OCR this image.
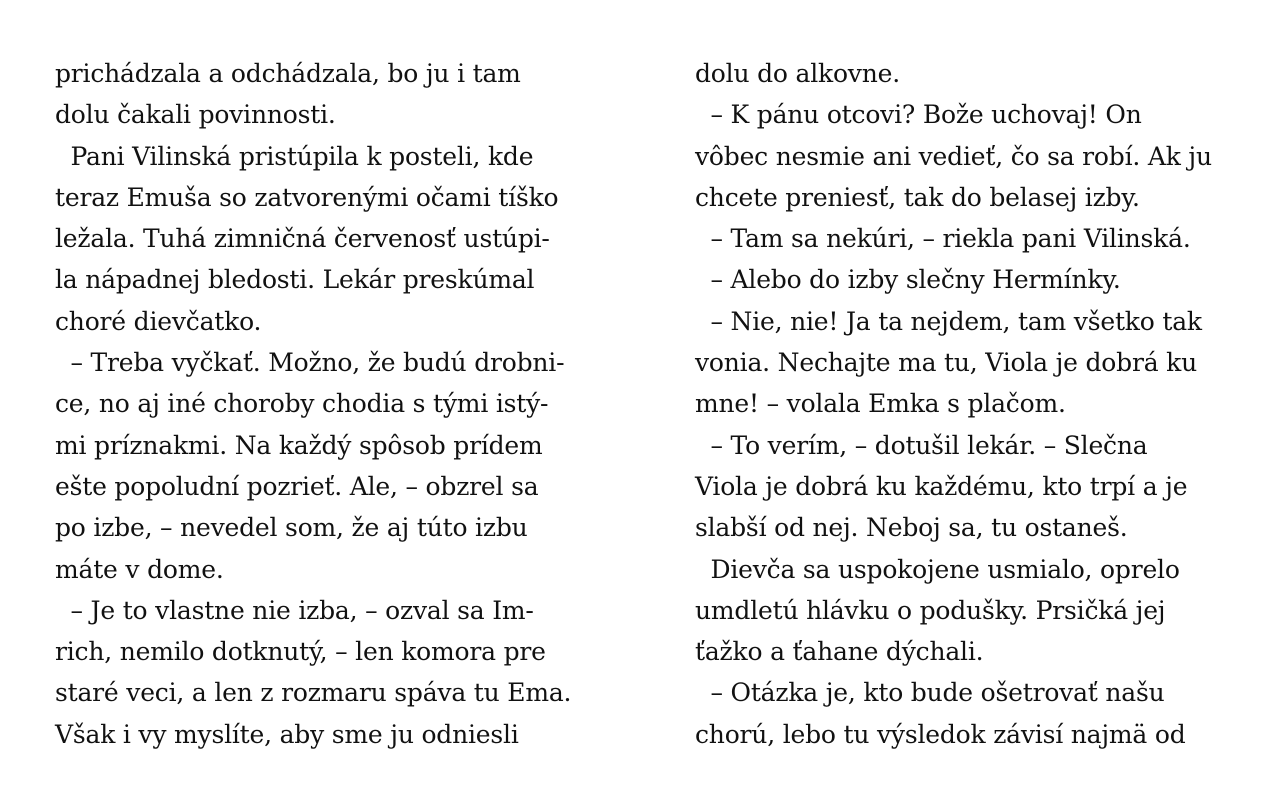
prichádzala a odchádzala, bo ju i tam
dolu čakali povinnosti.
Pani Vilinská pristúpila k posteli, kde
teraz Emuša so zatvorenými očami tíško
ležala. Tuhá zimničná červenosť ustúpi-
la nápadnej bledosti. Lekár preskúmal
choré dievčatko.
– Treba vyčkať. Možno, že budú drobni-
ce, no aj iné choroby chodia s tými istý-
mi príznakmi. Na každý spôsob prídem
ešte popoludní pozrieť. Ale, – obzrel sa
po izbe, – nevedel som, že aj túto izbu
máte v dome.
– Je to vlastne nie izba, – ozval sa Im-
rich, nemilo dotknutý, – len komora pre
staré veci, a len z rozmaru spáva tu Ema.
Však i vy myslíte, aby sme ju odniesli
dolu do alkovne.
– K pánu otcovi? Bože uchovaj! On
vôbec nesmie ani vedieť, čo sa robí. Ak ju
chcete preniesť, tak do belasej izby.
– Tam sa nekúri, – riekla pani Vilinská.
– Alebo do izby slečny Hermínky.
– Nie, nie! Ja ta nejdem, tam všetko tak
vonia. Nechajte ma tu, Viola je dobrá ku
mne! – volala Emka s plačom.
– To verím, – dotušil lekár. – Slečna
Viola je dobrá ku každému, kto trpí a je
slabší od nej. Neboj sa, tu ostaneš.
Dievča sa uspokojene usmialo, oprelo
umdletú hlávku o podušky. Prsičká jej
ťažko a ťahane dýchali.
– Otázka je, kto bude ošetrovať našu
chorú, lebo tu výsledok závisí najmä od
